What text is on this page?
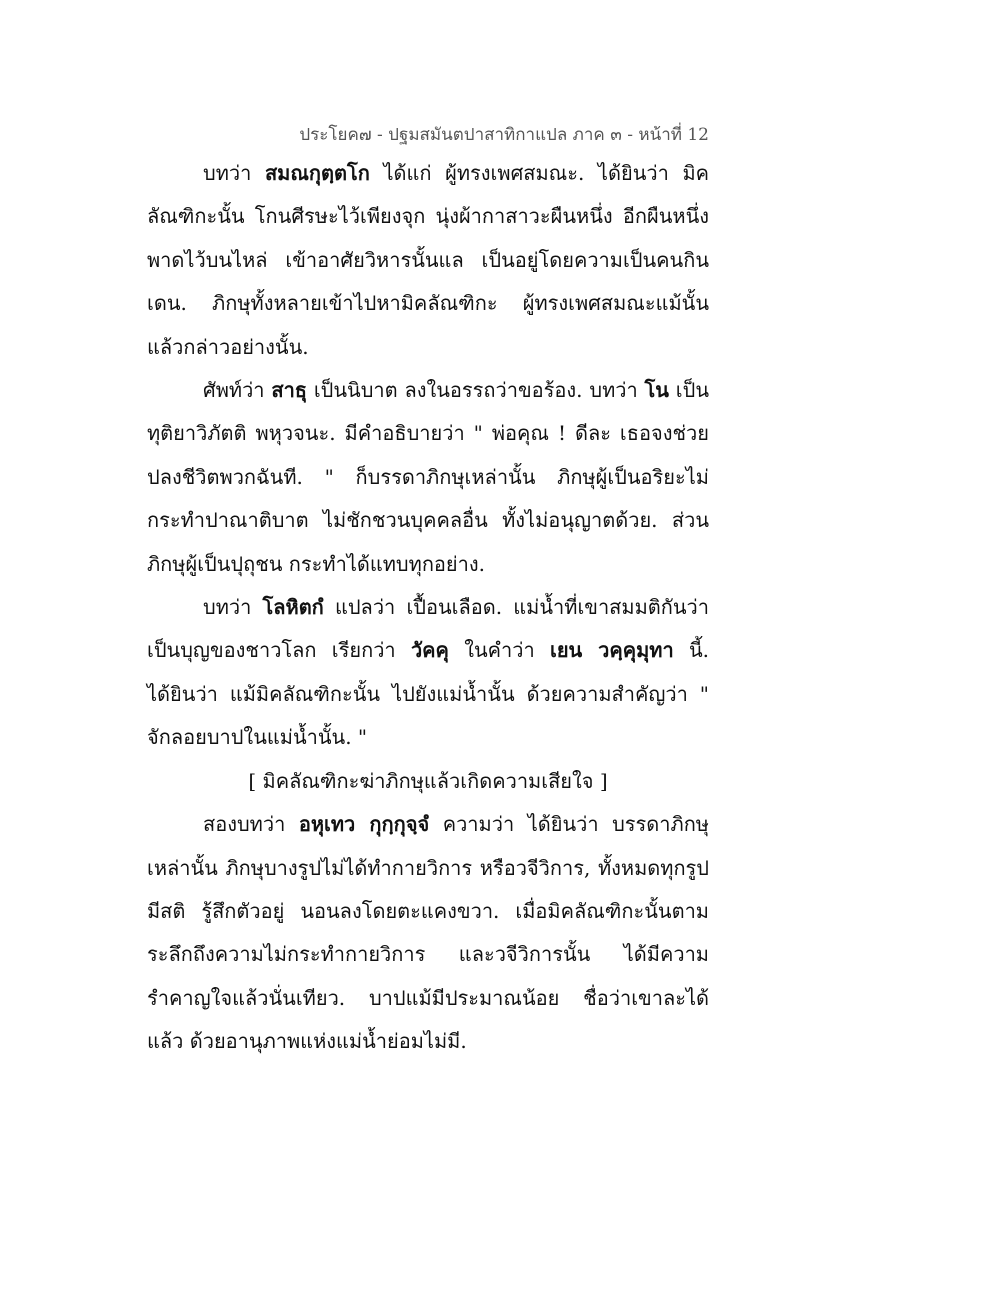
ประโยค๗ - ปฐมสมันตปาสาทิกาแปล ภาค ๓ - หน้าที่ 12

บทว่า สมณกุตฺตโก ได้แก่ ผู้ทรงเพศสมณะ. ได้ยินว่า มิคลัณฑิกะนั้น โกนศีรษะไว้เพียงจุก นุ่งผ้ากาสาวะผืนหนึ่ง อีกผืนหนึ่ง พาดไว้บนไหล่ เข้าอาศัยวิหารนั้นแล เป็นอยู่โดยความเป็นคนกินเดน. ภิกษุทั้งหลายเข้าไปหามิคลัณฑิกะ ผู้ทรงเพศสมณะแม้นั้นแล้วกล่าวอย่างนั้น.

ศัพท์ว่า สาธุ เป็นนิบาต ลงในอรรถว่าขอร้อง. บทว่า โน เป็นทุติยาวิภัตติ พหุวจนะ. มีคำอธิบายว่า " พ่อคุณ ! ดีละ เธอจงช่วยปลงชีวิตพวกฉันที. " ก็บรรดาภิกษุเหล่านั้น ภิกษุผู้เป็นอริยะไม่กระทำปาณาติบาต ไม่ชักชวนบุคคลอื่น ทั้งไม่อนุญาตด้วย. ส่วนภิกษุผู้เป็นปุถุชน กระทำได้แทบทุกอย่าง.

บทว่า โลหิตกํ แปลว่า เปื้อนเลือด. แม่น้ำที่เขาสมมติกันว่าเป็นบุญของชาวโลก เรียกว่า วัคคุ ในคำว่า เยน วคฺคุมุทา นี้. ได้ยินว่า แม้มิคลัณฑิกะนั้น ไปยังแม่น้ำนั้น ด้วยความสำคัญว่า " จักลอยบาปในแม่น้ำนั้น. "

[ มิคลัณฑิกะฆ่าภิกษุแล้วเกิดความเสียใจ ]

สองบทว่า อหุเทว กุกฺกุจฺจํ ความว่า ได้ยินว่า บรรดาภิกษุเหล่านั้น ภิกษุบางรูปไม่ได้ทำกายวิการ หรือวจีวิการ, ทั้งหมดทุกรูป มีสติ รู้สึกตัวอยู่ นอนลงโดยตะแคงขวา. เมื่อมิคลัณฑิกะนั้นตามระลึกถึงความไม่กระทำกายวิการ และวจีวิการนั้น ได้มีความรำคาญใจแล้วนั่นเทียว. บาปแม้มีประมาณน้อย ชื่อว่าเขาละได้แล้ว ด้วยอานุภาพแห่งแม่น้ำย่อมไม่มี.
